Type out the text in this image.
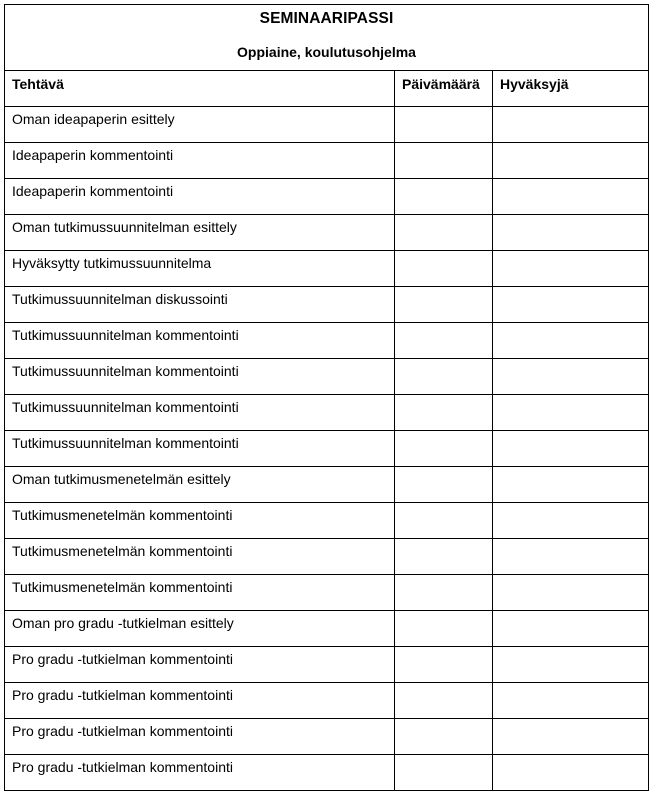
SEMINAARIPASSI
Oppiaine, koulutusohjelma		

Tehtävä	Päivämäärä	Hyväksyjä
Oman ideapaperin esittely		
Ideapaperin kommentointi		
Ideapaperin kommentointi		
Oman tutkimussuunnitelman esittely		
Hyväksytty tutkimussuunnitelma		
Tutkimussuunnitelman diskussointi		
Tutkimussuunnitelman kommentointi		
Tutkimussuunnitelman kommentointi		
Tutkimussuunnitelman kommentointi		
Tutkimussuunnitelman kommentointi		
Oman tutkimusmenetelmän esittely		
Tutkimusmenetelmän kommentointi		
Tutkimusmenetelmän kommentointi		
Tutkimusmenetelmän kommentointi		
Oman pro gradu -tutkielman esittely		
Pro gradu -tutkielman kommentointi		
Pro gradu -tutkielman kommentointi		
Pro gradu -tutkielman kommentointi		
Pro gradu -tutkielman kommentointi		
